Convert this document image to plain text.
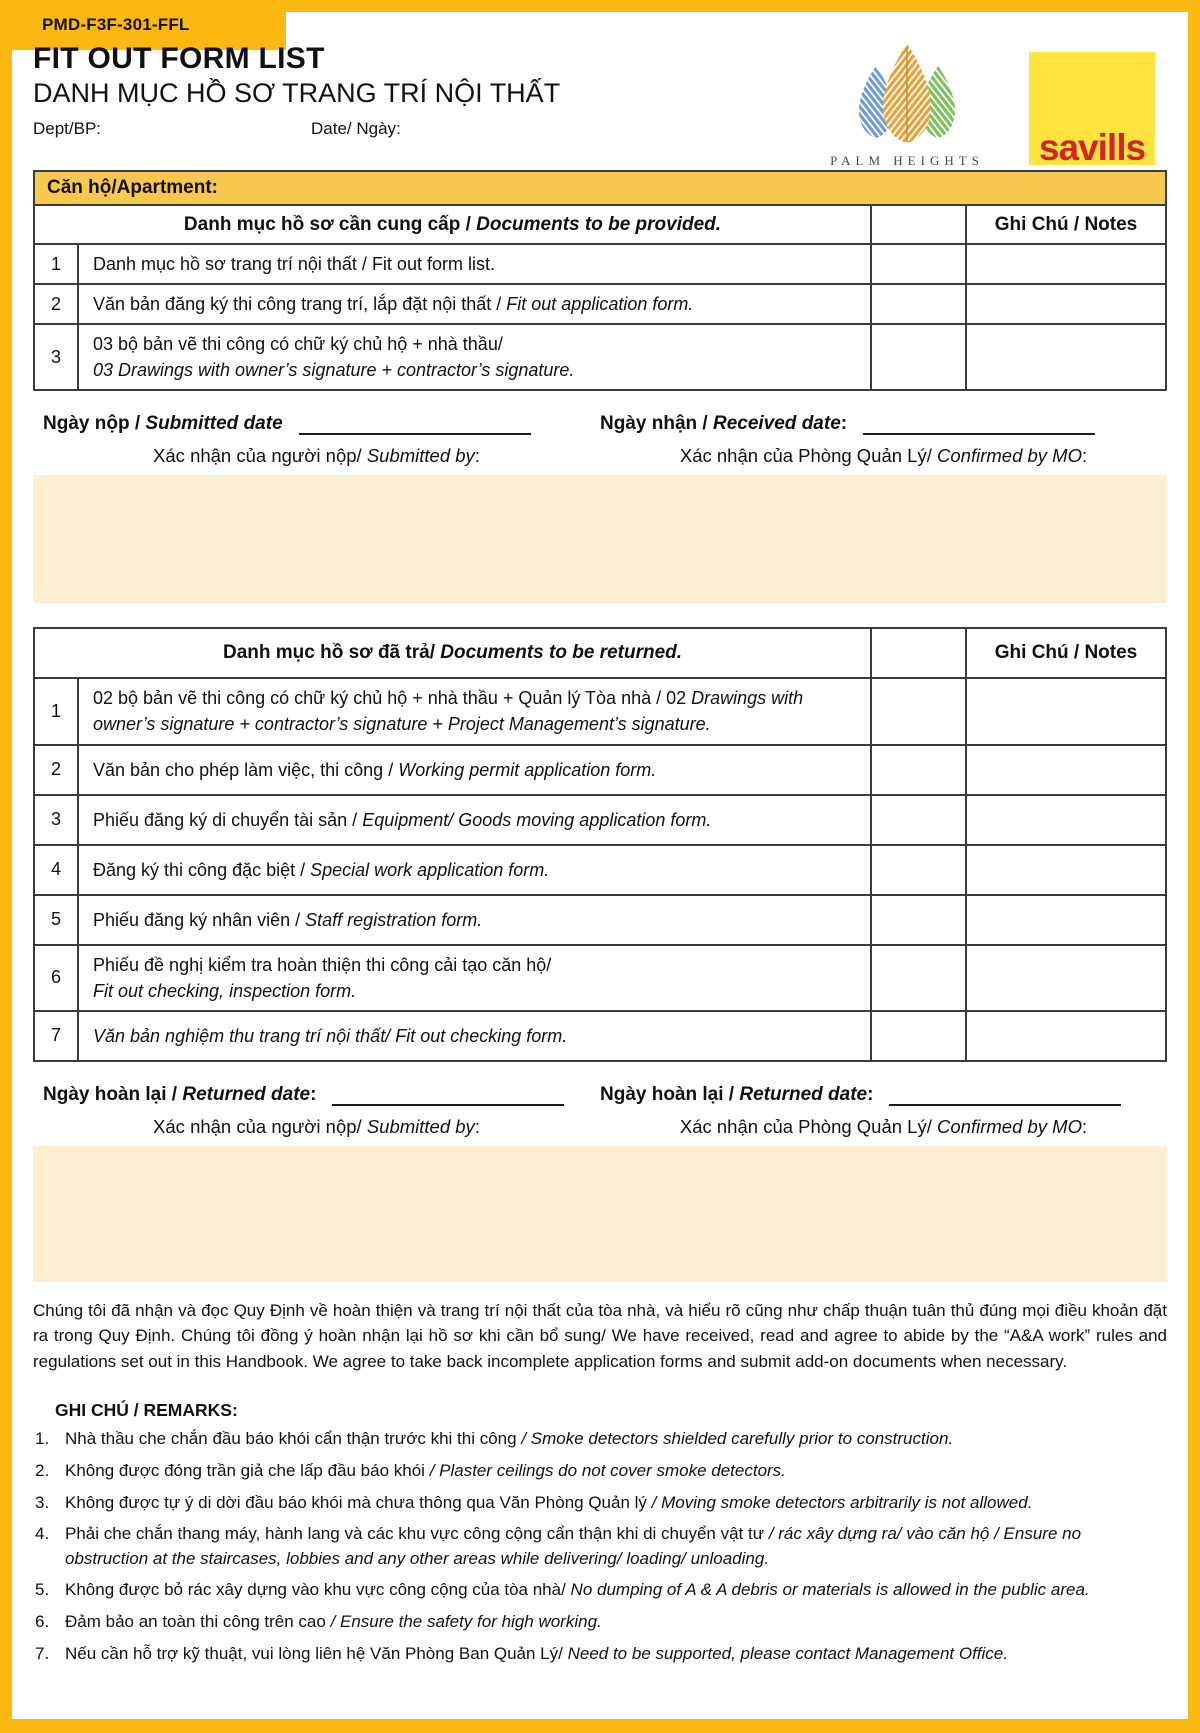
PMD-F3F-301-FFL
FIT OUT FORM LIST
DANH MỤC HỒ SƠ TRANG TRÍ NỘI THẤT
Dept/BP:	Date/ Ngày:
PALM HEIGHTS savills
Căn hộ/Apartment:			
Danh mục hồ sơ cần cung cấp / Documents to be provided.			Ghi Chú / Notes
1	Danh mục hồ sơ trang trí nội thất / Fit out form list.		
2	Văn bản đăng ký thi công trang trí, lắp đặt nội thất / Fit out application form.		
3	03 bộ bản vẽ thi công có chữ ký chủ hộ + nhà thầu/
03 Drawings with owner’s signature + contractor’s signature.		
Ngày nộp / Submitted date	Ngày nhận / Received date:
Xác nhận của người nộp/ Submitted by:	Xác nhận của Phòng Quản Lý/ Confirmed by MO:
Danh mục hồ sơ đã trả/ Documents to be returned.			Ghi Chú / Notes
1	02 bộ bản vẽ thi công có chữ ký chủ hộ + nhà thầu + Quản lý Tòa nhà / 02 Drawings with owner’s signature + contractor’s signature + Project Management’s signature.		
2	Văn bản cho phép làm việc, thi công / Working permit application form.		
3	Phiếu đăng ký di chuyển tài sản / Equipment/ Goods moving application form.		
4	Đăng ký thi công đặc biệt / Special work application form.		
5	Phiếu đăng ký nhân viên / Staff registration form.		
6	Phiếu đề nghị kiểm tra hoàn thiện thi công cải tạo căn hộ/
Fit out checking, inspection form.		
7	Văn bản nghiệm thu trang trí nội thất/ Fit out checking form.		
Ngày hoàn lại / Returned date:	Ngày hoàn lại / Returned date:
Xác nhận của người nộp/ Submitted by:	Xác nhận của Phòng Quản Lý/ Confirmed by MO:
Chúng tôi đã nhận và đọc Quy Định về hoàn thiện và trang trí nội thất của tòa nhà, và hiểu rõ cũng như chấp thuận tuân thủ đúng mọi điều khoản đặt ra trong Quy Định. Chúng tôi đồng ý hoàn nhận lại hồ sơ khi cần bổ sung/ We have received, read and agree to abide by the “A&A work” rules and regulations set out in this Handbook. We agree to take back incomplete application forms and submit add-on documents when necessary.
GHI CHÚ / REMARKS:
1. Nhà thầu che chắn đầu báo khói cẩn thận trước khi thi công / Smoke detectors shielded carefully prior to construction.
2. Không được đóng trần giả che lấp đầu báo khói / Plaster ceilings do not cover smoke detectors.
3. Không được tự ý di dời đầu báo khói mà chưa thông qua Văn Phòng Quản lý / Moving smoke detectors arbitrarily is not allowed.
4. Phải che chắn thang máy, hành lang và các khu vực công cộng cẩn thận khi di chuyển vật tư / rác xây dựng ra/ vào căn hộ / Ensure no obstruction at the staircases, lobbies and any other areas while delivering/ loading/ unloading.
5. Không được bỏ rác xây dựng vào khu vực công cộng của tòa nhà/ No dumping of A & A debris or materials is allowed in the public area.
6. Đảm bảo an toàn thi công trên cao / Ensure the safety for high working.
7. Nếu cần hỗ trợ kỹ thuật, vui lòng liên hệ Văn Phòng Ban Quản Lý/ Need to be supported, please contact Management Office.
